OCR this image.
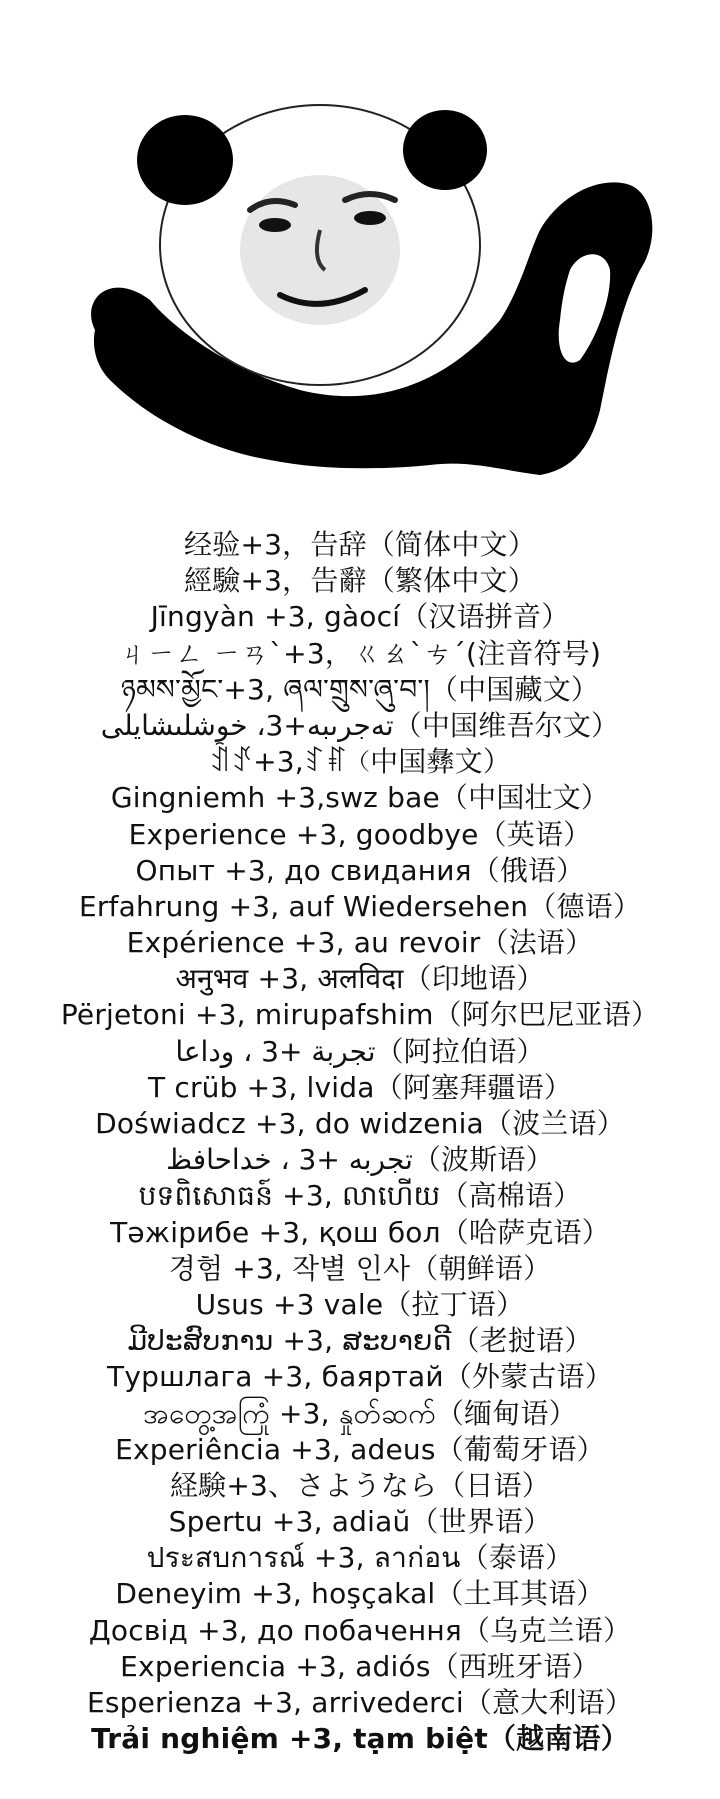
经验+3，告辞（简体中文）
經驗+3，告辭（繁体中文）
Jīngyàn +3, gàocí（汉语拼音）
ㄐㄧㄥ ㄧㄢˋ+3，ㄍㄠˋㄘˊ(注音符号)
ཉམས་མྱོང་+3, ཞལ་གྲུས་ཞུ་བ་།（中国藏文）
تەجرىبە+3، خوشلىشايلى（中国维吾尔文）
ꀉꀋ+3,ꆏꐥ（中国彝文）
Gingniemh +3,swz bae（中国壮文）
Experience +3, goodbye（英语）
Опыт +3, до свидания（俄语）
Erfahrung +3, auf Wiedersehen（德语）
Expérience +3, au revoir（法语）
अनुभव +3, अलविदा（印地语）
Përjetoni +3, mirupafshim（阿尔巴尼亚语）
تجربة +3 ، وداعا（阿拉伯语）
T crüb +3, lvida（阿塞拜疆语）
Doświadcz +3, do widzenia（波兰语）
تجربه +3 ، خداحافظ（波斯语）
បទពិសោធន៍ +3, លាហើយ（高棉语）
Тәжірибе +3, қош бол（哈萨克语）
경험 +3, 작별 인사（朝鲜语）
Usus +3 vale（拉丁语）
ມີປະສົບການ +3, ສະບາຍດີ（老挝语）
Туршлага +3, баяртай（外蒙古语）
အတွေ့အကြုံ +3, နှုတ်ဆက်（缅甸语）
Experiência +3, adeus（葡萄牙语）
経験+3、さようなら（日语）
Spertu +3, adiaŭ（世界语）
ประสบการณ์ +3, ลาก่อน（泰语）
Deneyim +3, hoşçakal（土耳其语）
Досвід +3, до побачення（乌克兰语）
Experiencia +3, adiós（西班牙语）
Esperienza +3, arrivederci（意大利语）
Trải nghiệm +3, tạm biệt（越南语）
